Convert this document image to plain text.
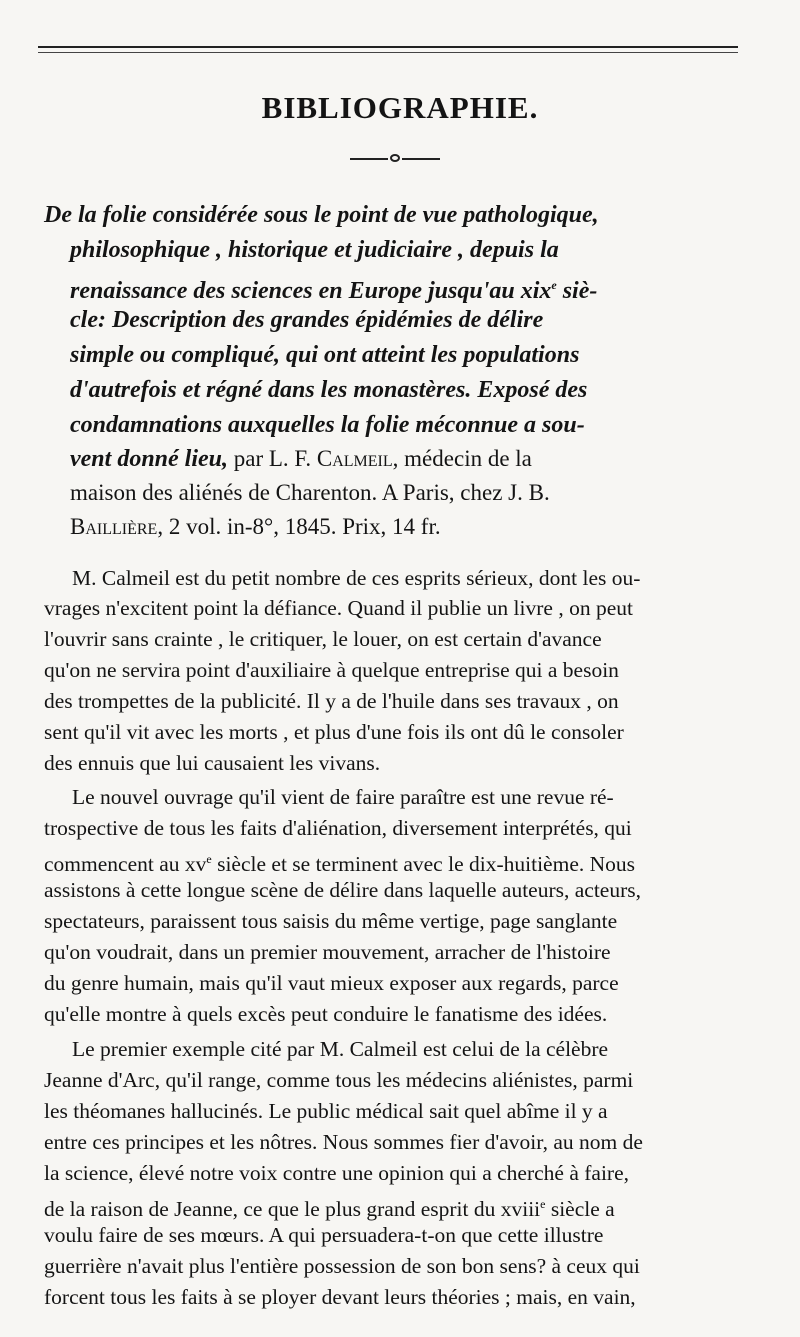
BIBLIOGRAPHIE.
De la folie considérée sous le point de vue pathologique,
philosophique , historique et judiciaire , depuis la
renaissance des sciences en Europe jusqu'au xix$^e$ siè-
cle: Description des grandes épidémies de délire
simple ou compliqué, qui ont atteint les populations
d'autrefois et régné dans les monastères. Exposé des
condamnations auxquelles la folie méconnue a sou-
vent donné lieu, par L. F. Calmeil, médecin de la
maison des aliénés de Charenton. A Paris, chez J. B.
Baillière, 2 vol. in-8°, 1845. Prix, 14 fr.
M. Calmeil est du petit nombre de ces esprits sérieux, dont les ou-
vrages n'excitent point la défiance. Quand il publie un livre , on peut
l'ouvrir sans crainte , le critiquer, le louer, on est certain d'avance
qu'on ne servira point d'auxiliaire à quelque entreprise qui a besoin
des trompettes de la publicité. Il y a de l'huile dans ses travaux , on
sent qu'il vit avec les morts , et plus d'une fois ils ont dû le consoler
des ennuis que lui causaient les vivans.
Le nouvel ouvrage qu'il vient de faire paraître est une revue ré-
trospective de tous les faits d'aliénation, diversement interprétés, qui
commencent au $xv^e$ siècle et se terminent avec le dix-huitième. Nous
assistons à cette longue scène de délire dans laquelle auteurs, acteurs,
spectateurs, paraissent tous saisis du même vertige, page sanglante
qu'on voudrait, dans un premier mouvement, arracher de l'histoire
du genre humain, mais qu'il vaut mieux exposer aux regards, parce
qu'elle montre à quels excès peut conduire le fanatisme des idées.
Le premier exemple cité par M. Calmeil est celui de la célèbre
Jeanne d'Arc, qu'il range, comme tous les médecins aliénistes, parmi
les théomanes hallucinés. Le public médical sait quel abîme il y a
entre ces principes et les nôtres. Nous sommes fier d'avoir, au nom de
la science, élevé notre voix contre une opinion qui a cherché à faire,
de la raison de Jeanne, ce que le plus grand esprit du xviii$^e$ siècle a
voulu faire de ses mœurs. A qui persuadera-t-on que cette illustre
guerrière n'avait plus l'entière possession de son bon sens? à ceux qui
forcent tous les faits à se ployer devant leurs théories ; mais, en vain,
